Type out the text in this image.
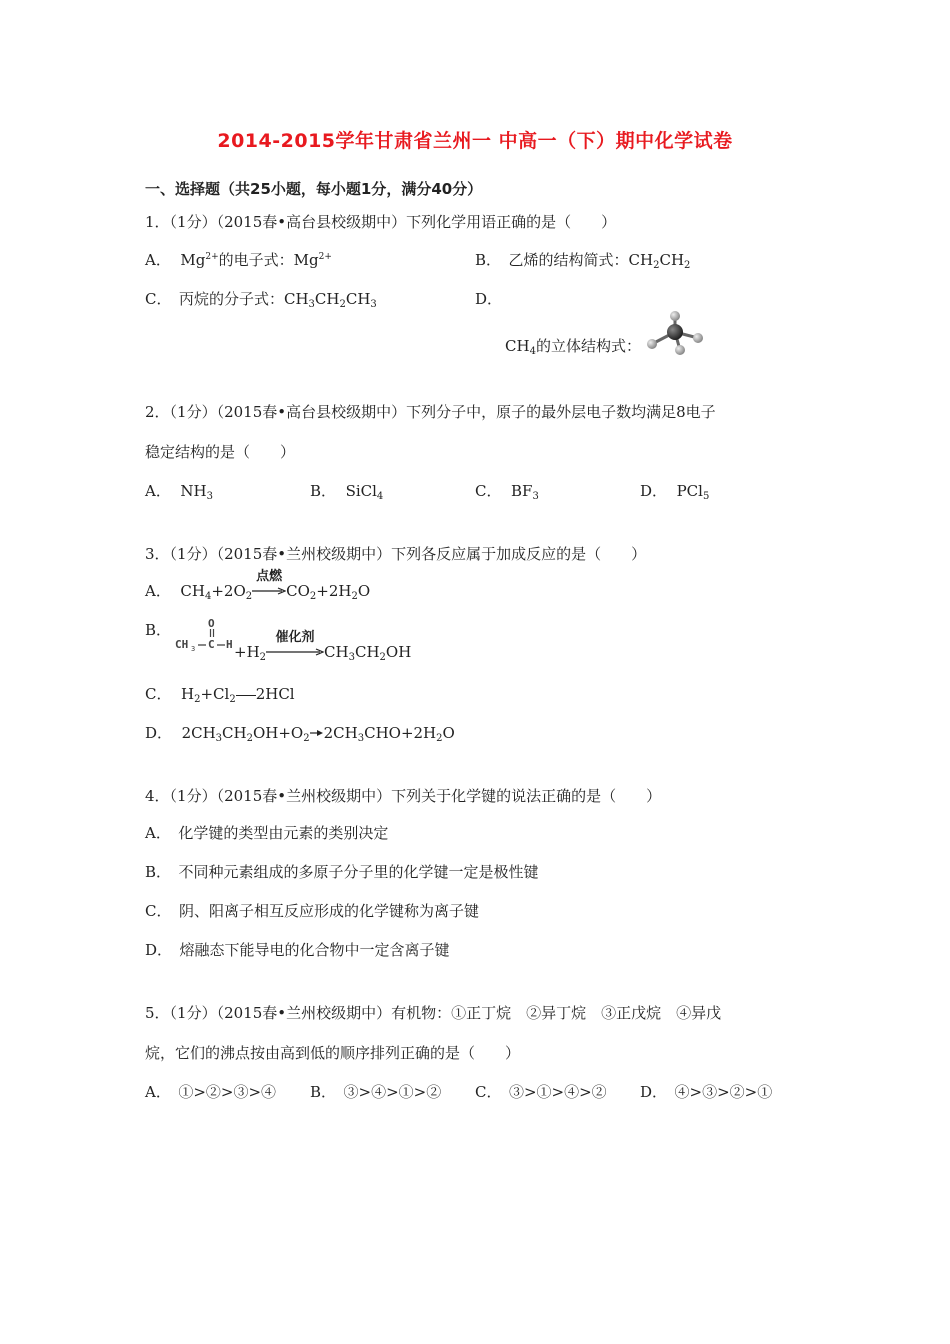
2014-2015学年甘肃省兰州一 中高一（下）期中化学试卷
一、选择题（共25小题，每小题1分，满分40分）
1．（1分）（2015春•高台县校级期中）下列化学用语正确的是（　　）
A．  $Mg^{2+}$的电子式：$Mg^{2+}$	B．　乙烯的结构简式：$CH_2CH_2$
C．　丙烷的分子式：$CH_3CH_2CH_3$	D．
$CH_4$的立体结构式：
2．（1分）（2015春•高台县校级期中）下列分子中，原子的最外层电子数均满足8电子
稳定结构的是（　　）
A．  $NH_3$	B．  SiCl$_4$	C．  $BF_3$	D．  PCl$_5$
3．（1分）（2015春•兰州校级期中）下列各反应属于加成反应的是（　　）
A．  $CH_4+2O_2$
点燃
$CO_2+2H_2O$
B．
CH 3 C
O
$H +H_2$
催化剂
$CH_3CH_2OH$
C．  $H_2+Cl_2$ 2HCl
D．  $2CH_3CH_2OH+O_2\to 2CH_3CHO+2H_2O$
4．（1分）（2015春•兰州校级期中）下列关于化学键的说法正确的是（　　）
A．　化学键的类型由元素的类别决定
B．　不同种元素组成的多原子分子里的化学键一定是极性键
C．　阴、阳离子相互反应形成的化学键称为离子键
D．　熔融态下能导电的化合物中一定含离子键
5．（1分）（2015春•兰州校级期中）有机物：①正丁烷　②异丁烷　③正戊烷　④异戊
烷，它们的沸点按由高到低的顺序排列正确的是（　　）
A．　①>②>③>④ B．　③>④>①>② C．　③>①>④>② D．　④>③>②>①
